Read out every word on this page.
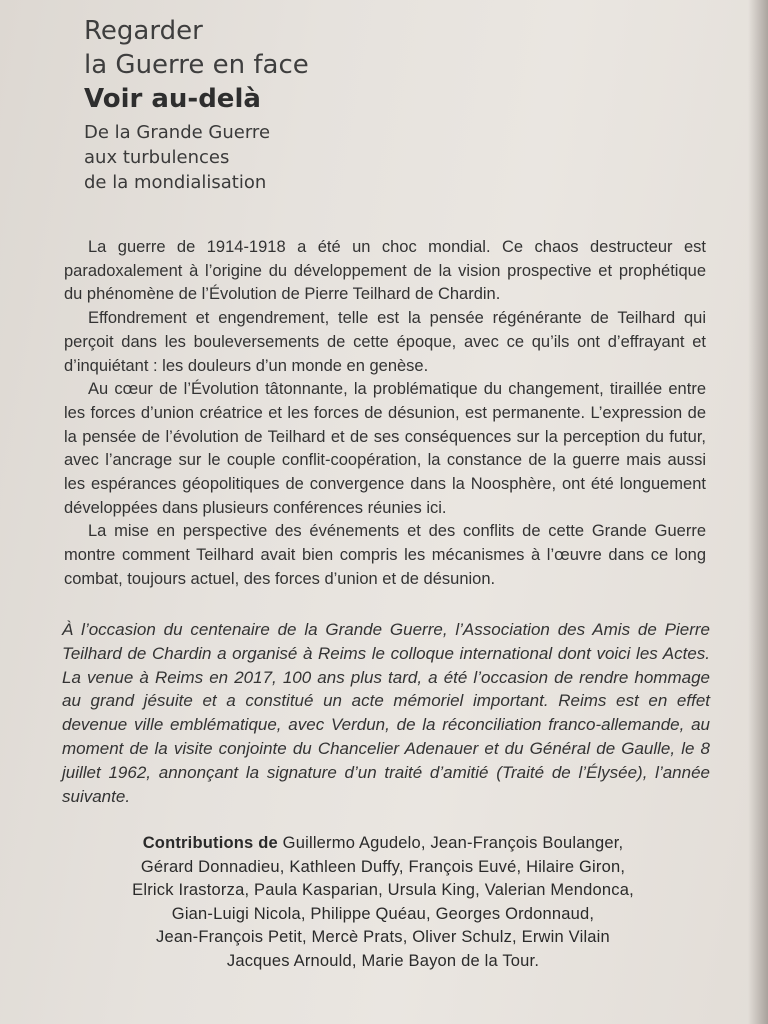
Regarder
la Guerre en face
Voir au-delà
De la Grande Guerre
aux turbulences
de la mondialisation

La guerre de 1914-1918 a été un choc mondial. Ce chaos destructeur est paradoxalement à l’origine du développement de la vision prospective et prophétique du phénomène de l’Évolution de Pierre Teilhard de Chardin.

Effondrement et engendrement, telle est la pensée régénérante de Teilhard qui perçoit dans les bouleversements de cette époque, avec ce qu’ils ont d’effrayant et d’inquiétant : les douleurs d’un monde en genèse.

Au cœur de l’Évolution tâtonnante, la problématique du changement, tiraillée entre les forces d’union créatrice et les forces de désunion, est permanente. L’expression de la pensée de l’évolution de Teilhard et de ses conséquences sur la perception du futur, avec l’ancrage sur le couple conflit-coopération, la constance de la guerre mais aussi les espérances géopolitiques de convergence dans la Noosphère, ont été longuement développées dans plusieurs conférences réunies ici.

La mise en perspective des événements et des conflits de cette Grande Guerre montre comment Teilhard avait bien compris les mécanismes à l’œuvre dans ce long combat, toujours actuel, des forces d’union et de désunion.

À l’occasion du centenaire de la Grande Guerre, l’Association des Amis de Pierre Teilhard de Chardin a organisé à Reims le colloque international dont voici les Actes. La venue à Reims en 2017, 100 ans plus tard, a été l’occasion de rendre hommage au grand jésuite et a constitué un acte mémoriel important. Reims est en effet devenue ville emblématique, avec Verdun, de la réconciliation franco-allemande, au moment de la visite conjointe du Chancelier Adenauer et du Général de Gaulle, le 8 juillet 1962, annonçant la signature d’un traité d’amitié (Traité de l’Élysée), l’année suivante.

Contributions de Guillermo Agudelo, Jean-François Boulanger,
Gérard Donnadieu, Kathleen Duffy, François Euvé, Hilaire Giron,
Elrick Irastorza, Paula Kasparian, Ursula King, Valerian Mendonca,
Gian-Luigi Nicola, Philippe Quéau, Georges Ordonnaud,
Jean-François Petit, Mercè Prats, Oliver Schulz, Erwin Vilain
Jacques Arnould, Marie Bayon de la Tour.
